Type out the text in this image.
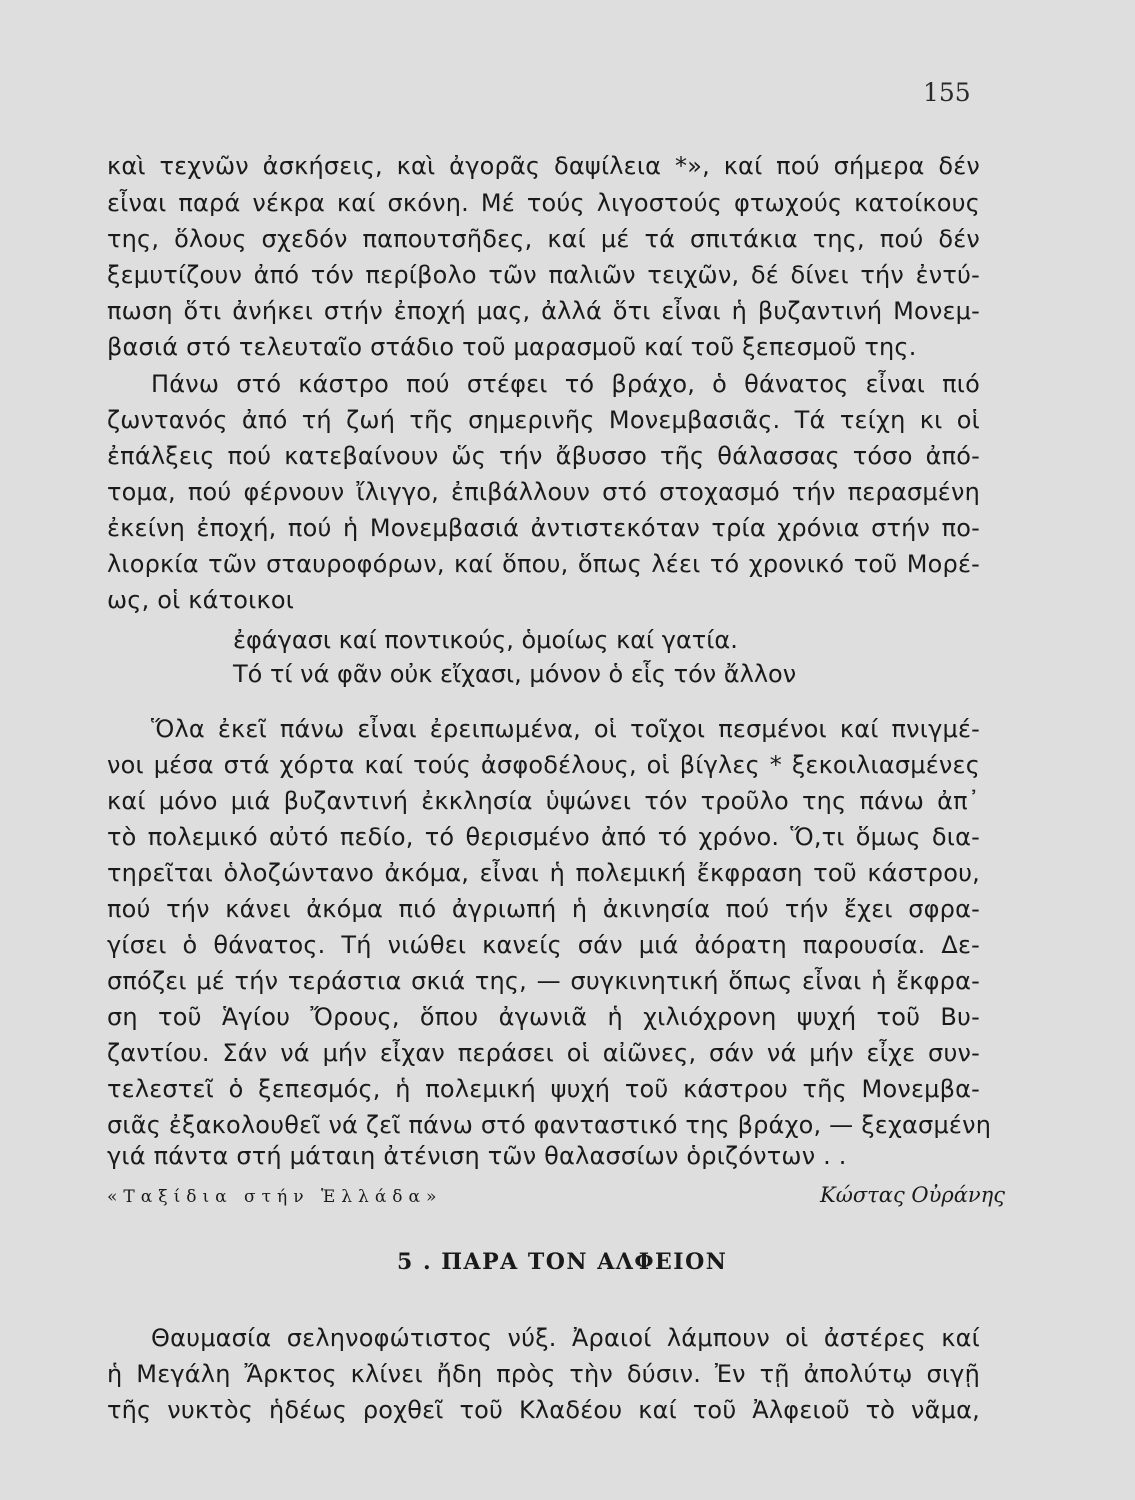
155
καὶ τεχνῶν ἀσκήσεις, καὶ ἀγορᾶς δαψίλεια *», καί πού σήμερα δέν
εἶναι παρά νέκρα καί σκόνη. Μέ τούς λιγοστούς φτωχούς κατοίκους
της, ὅλους σχεδόν παπουτσῆδες, καί μέ τά σπιτάκια της, πού δέν
ξεμυτίζουν ἀπό τόν περίβολο τῶν παλιῶν τειχῶν, δέ δίνει τήν ἐντύ-
πωση ὅτι ἀνήκει στήν ἐποχή μας, ἀλλά ὅτι εἶναι ἡ βυζαντινή Μονεμ-
βασιά στό τελευταῖο στάδιο τοῦ μαρασμοῦ καί τοῦ ξεπεσμοῦ της.
Πάνω στό κάστρο πού στέφει τό βράχο, ὁ θάνατος εἶναι πιό
ζωντανός ἀπό τή ζωή τῆς σημερινῆς Μονεμβασιᾶς. Τά τείχη κι οἱ
ἐπάλξεις πού κατεβαίνουν ὥς τήν ἄβυσσο τῆς θάλασσας τόσο ἀπό-
τομα, πού φέρνουν ἴλιγγο, ἐπιβάλλουν στό στοχασμό τήν περασμένη
ἐκείνη ἐποχή, πού ἡ Μονεμβασιά ἀντιστεκόταν τρία χρόνια στήν πο-
λιορκία τῶν σταυροφόρων, καί ὅπου, ὅπως λέει τό χρονικό τοῦ Μορέ-
ως, οἱ κάτοικοι
ἐφάγασι καί ποντικούς, ὁμοίως καί γατία.
Τό τί νά φᾶν οὐκ εἴχασι, μόνον ὁ εἷς τόν ἄλλον
Ὅλα ἐκεῖ πάνω εἶναι ἐρειπωμένα, οἱ τοῖχοι πεσμένοι καί πνιγμέ-
νοι μέσα στά χόρτα καί τούς ἀσφοδέλους, οἱ βίγλες * ξεκοιλιασμένες
καί μόνο μιά βυζαντινή ἐκκλησία ὑψώνει τόν τροῦλο της πάνω ἀπ᾿
τὸ πολεμικό αὐτό πεδίο, τό θερισμένο ἀπό τό χρόνο. Ὅ,τι ὅμως δια-
τηρεῖται ὁλοζώντανο ἀκόμα, εἶναι ἡ πολεμική ἔκφραση τοῦ κάστρου,
πού τήν κάνει ἀκόμα πιό ἀγριωπή ἡ ἀκινησία πού τήν ἔχει σφρα-
γίσει ὁ θάνατος. Τή νιώθει κανείς σάν μιά ἀόρατη παρουσία. Δε-
σπόζει μέ τήν τεράστια σκιά της, — συγκινητική ὅπως εἶναι ἡ ἔκφρα-
ση τοῦ Ἁγίου Ὄρους, ὅπου ἀγωνιᾶ ἡ χιλιόχρονη ψυχή τοῦ Βυ-
ζαντίου. Σάν νά μήν εἶχαν περάσει οἱ αἰῶνες, σάν νά μήν εἶχε συν-
τελεστεῖ ὁ ξεπεσμός, ἡ πολεμική ψυχή τοῦ κάστρου τῆς Μονεμβα-
σιᾶς ἐξακολουθεῖ νά ζεῖ πάνω στό φανταστικό της βράχο, — ξεχασμένη
γιά πάντα στή μάταιη ἀτένιση τῶν θαλασσίων ὁριζόντων . .
«Ταξίδια στήν Ἑλλάδα»	Κώστας Οὐράνης
5 . ΠΑΡΑ ΤΟΝ ΑΛΦΕΙΟΝ
Θαυμασία σεληνοφώτιστος νύξ. Ἀραιοί λάμπουν οἱ ἀστέρες καί
ἡ Μεγάλη Ἄρκτος κλίνει ἤδη πρὸς τὴν δύσιν. Ἐν τῇ ἀπολύτῳ σιγῇ
τῆς νυκτὸς ἡδέως ροχθεῖ τοῦ Κλαδέου καί τοῦ Ἀλφειοῦ τὸ νᾶμα,
